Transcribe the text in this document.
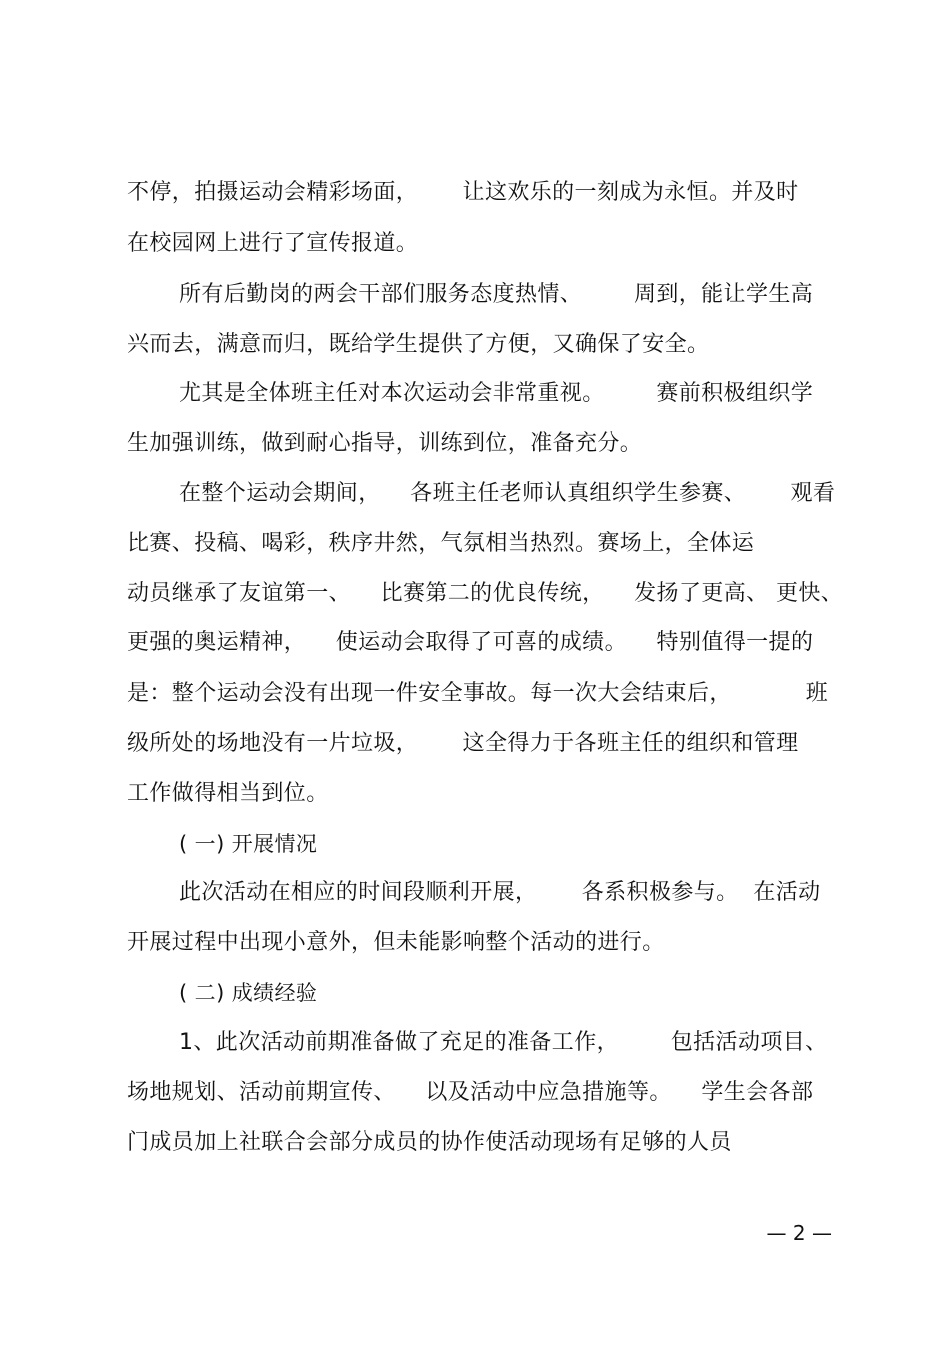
不停，拍摄运动会精彩场面，      让这欢乐的一刻成为永恒。并及时
在校园网上进行了宣传报道。
所有后勤岗的两会干部们服务态度热情、       周到，能让学生高
兴而去，满意而归，既给学生提供了方便，又确保了安全。
尤其是全体班主任对本次运动会非常重视。       赛前积极组织学
生加强训练，做到耐心指导，训练到位，准备充分。
在整个运动会期间，    各班主任老师认真组织学生参赛、      观看
比赛、投稿、喝彩，秩序井然，气氛相当热烈。赛场上，全体运
动员继承了友谊第一、    比赛第二的优良传统，    发扬了更高、 更快、
更强的奥运精神，    使运动会取得了可喜的成绩。    特别值得一提的
是：整个运动会没有出现一件安全事故。每一次大会结束后，          班
级所处的场地没有一片垃圾，      这全得力于各班主任的组织和管理
工作做得相当到位。
( 一) 开展情况
此次活动在相应的时间段顺利开展，      各系积极参与。  在活动
开展过程中出现小意外，但未能影响整个活动的进行。
( 二) 成绩经验
1、此次活动前期准备做了充足的准备工作，       包括活动项目、
场地规划、活动前期宣传、    以及活动中应急措施等。    学生会各部
门成员加上社联合会部分成员的协作使活动现场有足够的人员
— 2 —
